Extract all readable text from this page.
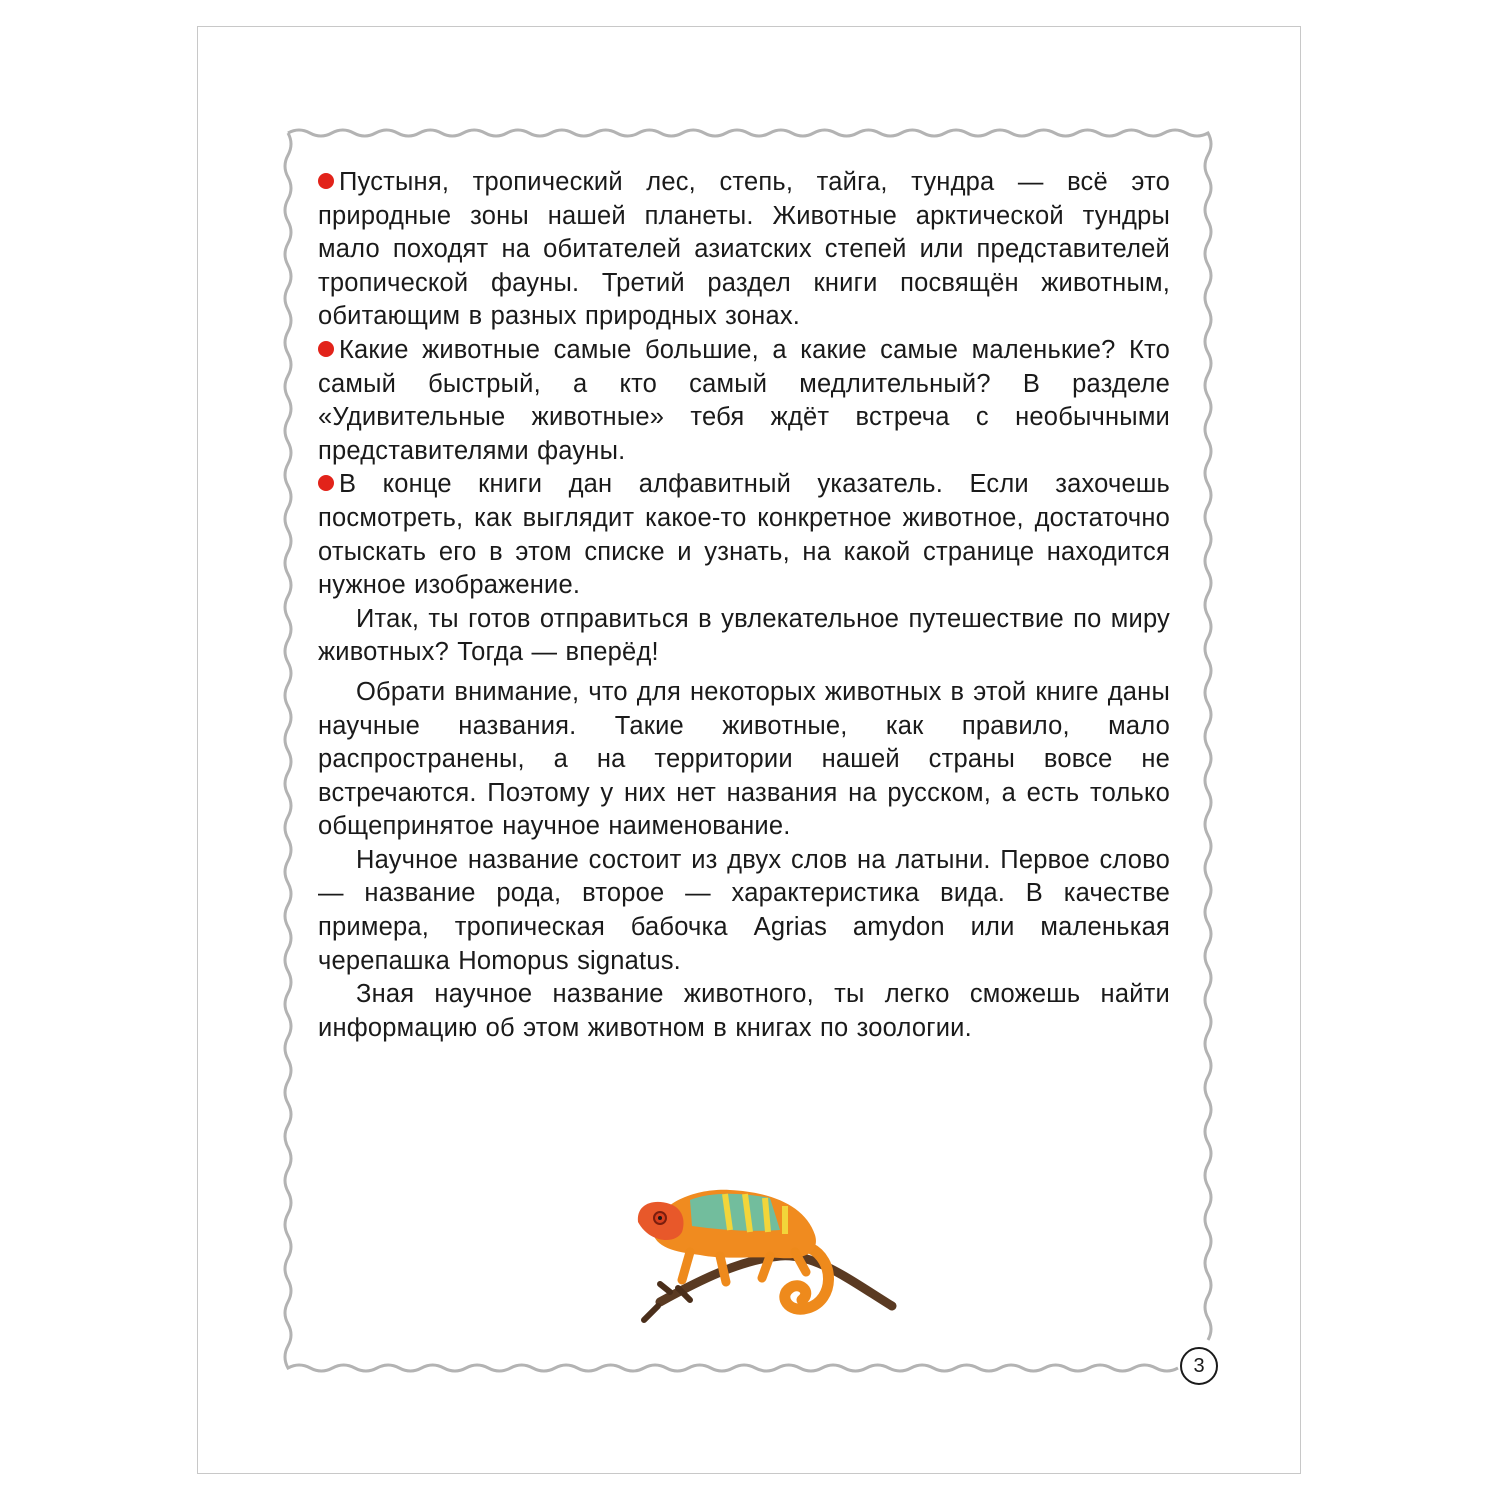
Пустыня, тропический лес, степь, тайга, тундра — всё это природные зоны нашей планеты. Животные арктической тундры мало походят на обитателей азиатских степей или представителей тропической фауны. Третий раздел книги посвящён животным, обитающим в разных природных зонах.

Какие животные самые большие, а какие самые маленькие? Кто самый быстрый, а кто самый медлительный? В разделе «Удивительные животные» тебя ждёт встреча с необычными представителями фауны.

В конце книги дан алфавитный указатель. Если захочешь посмотреть, как выглядит какое-то конкретное животное, достаточно отыскать его в этом списке и узнать, на какой странице находится нужное изображение.

Итак, ты готов отправиться в увлекательное путешествие по миру животных? Тогда — вперёд!

Обрати внимание, что для некоторых животных в этой книге даны научные названия. Такие животные, как правило, мало распространены, а на территории нашей страны вовсе не встречаются. Поэтому у них нет названия на русском, а есть только общепринятое научное наименование.

Научное название состоит из двух слов на латыни. Первое слово — название рода, второе — характеристика вида. В качестве примера, тропическая бабочка Agrias amydon или маленькая черепашка Homopus signatus.

Зная научное название животного, ты легко сможешь найти информацию об этом животном в книгах по зоологии.

3
